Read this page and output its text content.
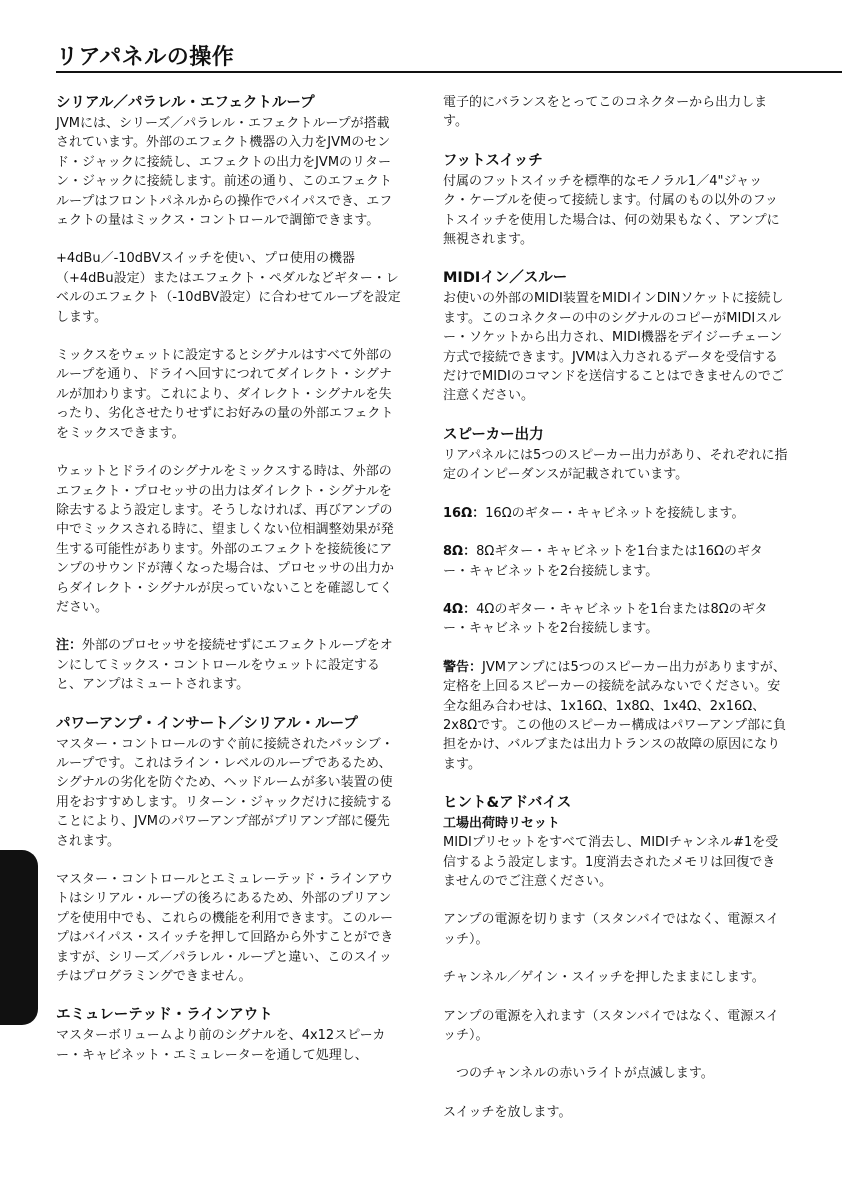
リアパネルの操作
シリアル／パラレル・エフェクトループ

JVMには、シリーズ／パラレル・エフェクトループが搭載されています。外部のエフェクト機器の入力をJVMのセンド・ジャックに接続し、エフェクトの出力をJVMのリターン・ジャックに接続します。前述の通り、このエフェクトループはフロントパネルからの操作でバイパスでき、エフェクトの量はミックス・コントロールで調節できます。

+4dBu／-10dBVスイッチを使い、プロ使用の機器（+4dBu設定）またはエフェクト・ペダルなどギター・レベルのエフェクト（-10dBV設定）に合わせてループを設定します。

ミックスをウェットに設定するとシグナルはすべて外部のループを通り、ドライへ回すにつれてダイレクト・シグナルが加わります。これにより、ダイレクト・シグナルを失ったり、劣化させたりせずにお好みの量の外部エフェクトをミックスできます。

ウェットとドライのシグナルをミックスする時は、外部のエフェクト・プロセッサの出力はダイレクト・シグナルを除去するよう設定します。そうしなければ、再びアンプの中でミックスされる時に、望ましくない位相調整効果が発生する可能性があります。外部のエフェクトを接続後にアンプのサウンドが薄くなった場合は、プロセッサの出力からダイレクト・シグナルが戻っていないことを確認してください。

注：外部のプロセッサを接続せずにエフェクトループをオンにしてミックス・コントロールをウェットに設定すると、アンプはミュートされます。

パワーアンプ・インサート／シリアル・ループ

マスター・コントロールのすぐ前に接続されたバッシブ・ループです。これはライン・レベルのループであるため、シグナルの劣化を防ぐため、ヘッドルームが多い装置の使用をおすすめします。リターン・ジャックだけに接続することにより、JVMのパワーアンプ部がプリアンプ部に優先されます。

マスター・コントロールとエミュレーテッド・ラインアウトはシリアル・ループの後ろにあるため、外部のプリアンプを使用中でも、これらの機能を利用できます。このループはバイパス・スイッチを押して回路から外すことができますが、シリーズ／パラレル・ループと違い、このスイッチはプログラミングできません。

エミュレーテッド・ラインアウト

マスターボリュームより前のシグナルを、4x12スピーカー・キャビネット・エミュレーターを通して処理し、

電子的にバランスをとってこのコネクターから出力します。

フットスイッチ

付属のフットスイッチを標準的なモノラル1／4"ジャック・ケーブルを使って接続します。付属のもの以外のフットスイッチを使用した場合は、何の効果もなく、アンプに無視されます。

MIDIイン／スルー

お使いの外部のMIDI装置をMIDIインDINソケットに接続します。このコネクターの中のシグナルのコピーがMIDIスルー・ソケットから出力され、MIDI機器をデイジーチェーン方式で接続できます。JVMは入力されるデータを受信するだけでMIDIのコマンドを送信することはできませんのでご注意ください。

スピーカー出力

リアパネルには5つのスピーカー出力があり、それぞれに指定のインピーダンスが記載されています。

16Ω：16Ωのギター・キャビネットを接続します。

8Ω：8Ωギター・キャビネットを1台または16Ωのギター・キャビネットを2台接続します。

4Ω：4Ωのギター・キャビネットを1台または8Ωのギター・キャビネットを2台接続します。

警告：JVMアンプには5つのスピーカー出力がありますが、定格を上回るスピーカーの接続を試みないでください。安全な組み合わせは、1x16Ω、1x8Ω、1x4Ω、2x16Ω、2x8Ωです。この他のスピーカー構成はパワーアンプ部に負担をかけ、バルブまたは出力トランスの故障の原因になります。

ヒント&アドバイス
工場出荷時リセット

MIDIプリセットをすべて消去し、MIDIチャンネル#1を受信するよう設定します。1度消去されたメモリは回復できませんのでご注意ください。

アンプの電源を切ります（スタンバイではなく、電源スイッチ）。

チャンネル／ゲイン・スイッチを押したままにします。

アンプの電源を入れます（スタンバイではなく、電源スイッチ）。

　つのチャンネルの赤いライトが点滅します。

スイッチを放します。
